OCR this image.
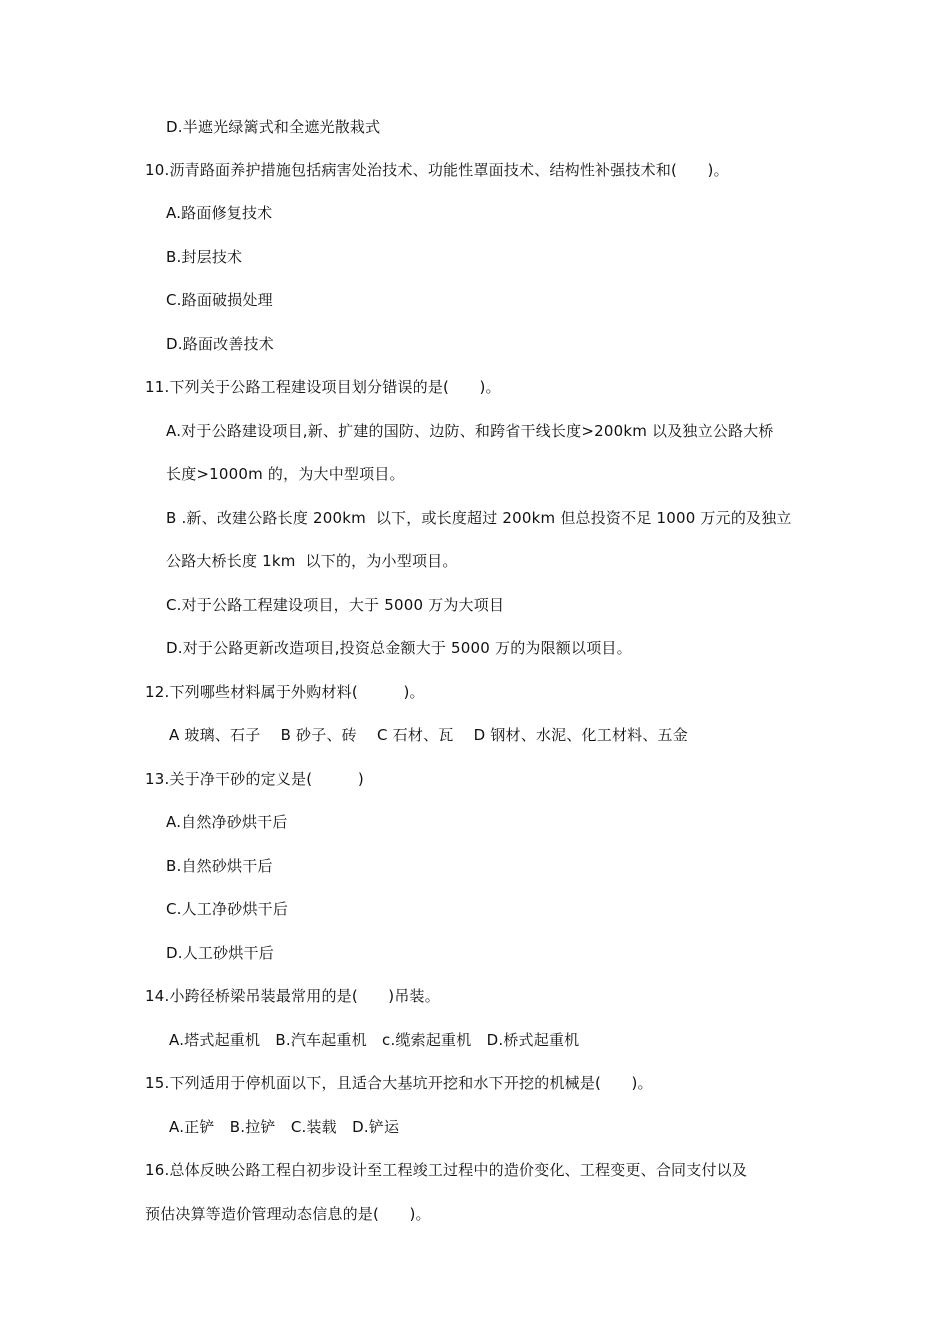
D.半遮光绿篱式和全遮光散栽式
10.沥青路面养护措施包括病害处治技术、功能性罩面技术、结构性补强技术和(　　)。
A.路面修复技术
B.封层技术
C.路面破损处理
D.路面改善技术
11.下列关于公路工程建设项目划分错误的是(　　)。
A.对于公路建设项目,新、扩建的国防、边防、和跨省干线长度>200km 以及独立公路大桥
长度>1000m 的，为大中型项目。
B .新、改建公路长度 200km  以下，或长度超过 200km 但总投资不足 1000 万元的及独立
公路大桥长度 1km  以下的，为小型项目。
C.对于公路工程建设项目，大于 5000 万为大项目
D.对于公路更新改造项目,投资总金额大于 5000 万的为限额以项目。
12.下列哪些材料属于外购材料(　　　)。
A 玻璃、石子　 B 砂子、砖　 C 石材、瓦　 D 钢材、水泥、化工材料、五金
13.关于净干砂的定义是(　　　)
A.自然净砂烘干后
B.自然砂烘干后
C.人工净砂烘干后
D.人工砂烘干后
14.小跨径桥梁吊装最常用的是(　　)吊装。
A.塔式起重机　B.汽车起重机　c.缆索起重机　D.桥式起重机
15.下列适用于停机面以下，且适合大基坑开挖和水下开挖的机械是(　　)。
A.正铲　B.拉铲　C.装载　D.铲运
16.总体反映公路工程白初步设计至工程竣工过程中的造价变化、工程变更、合同支付以及
预估决算等造价管理动态信息的是(　　)。
